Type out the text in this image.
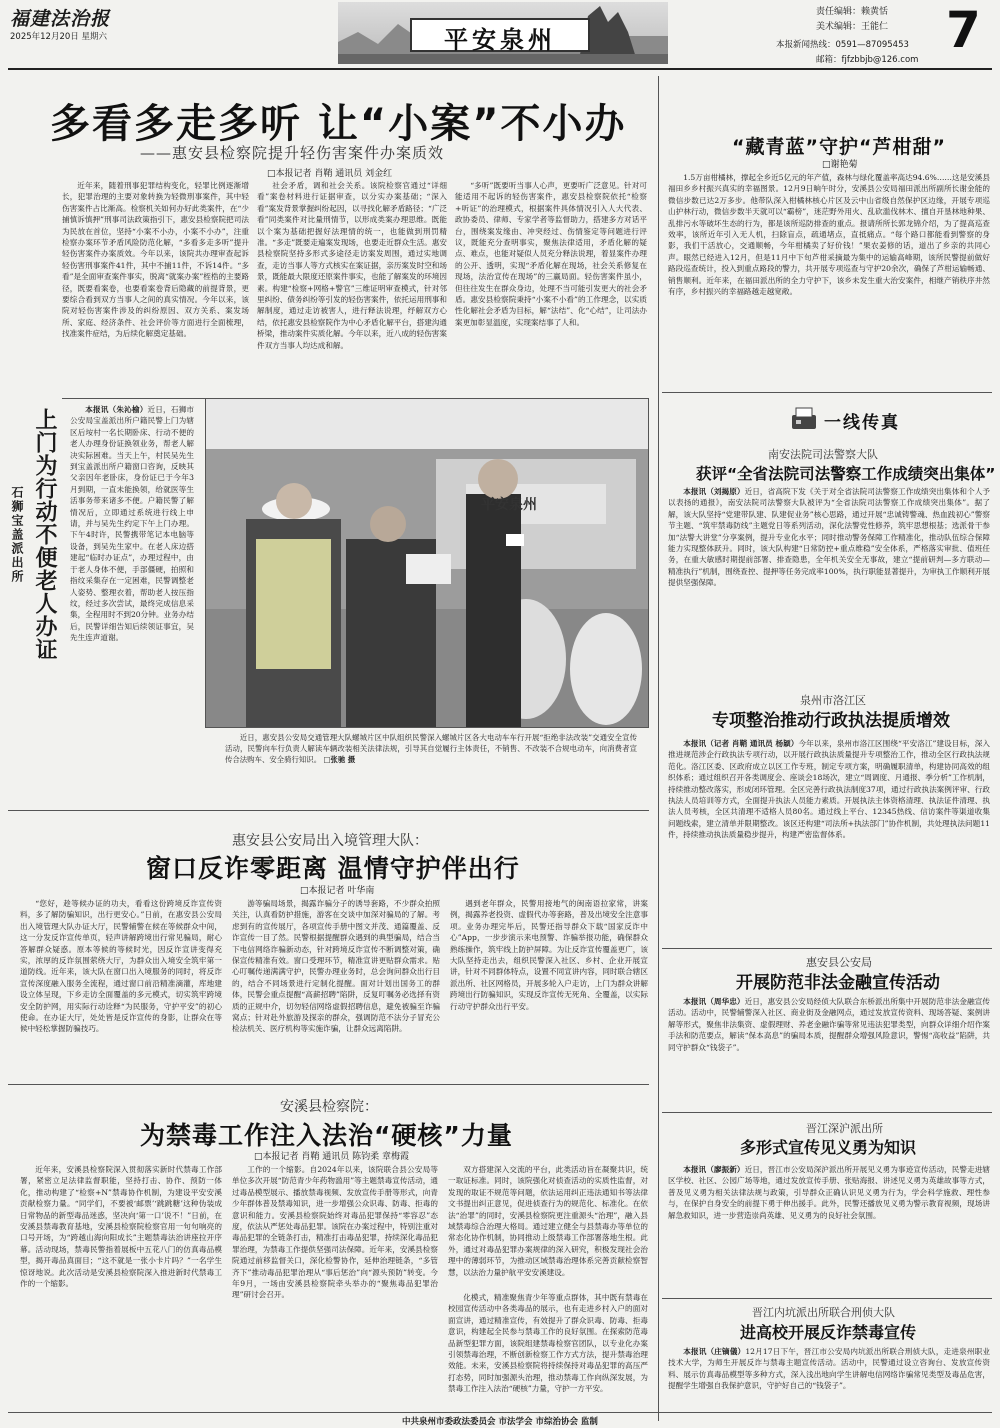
福建法治报
2025年12月20日 星期六	平安泉州
责任编辑：赖黄恬
美术编辑：王能仁
本报新闻热线：0591—87095453
邮箱：fjfzbbjb@126.com
7
多看多走多听 让“小案”不小办
——惠安县检察院提升轻伤害案件办案质效
□本报记者 肖鞘 通讯员 刘金红

近年来，随着刑事犯罪结构变化，轻罪比例逐渐增长，犯罪治理的主要对象转换为轻微刑事案件，其中轻伤害案件占比渐高。检察机关如何办好此类案件，在“少捕慎诉慎押”刑事司法政策指引下，惠安县检察院把司法为民放在首位，坚持“小案不小办，小案不小办”，注重检察办案环节矛盾风险防范化解，“多看多走多听”提升轻伤害案件办案质效。今年以来，该院共办理审查起诉轻伤害刑事案件41件，其中不捕11件，不诉14件。“多看”是全面审查案件事实，脱离“就案办案”桎梏的主要路径，既要看案卷，也要看案卷背后隐藏的前提背景，更要综合看到双方当事人之间的真实情况。今年以来，该院对轻伤害案件涉及的纠纷原因、双方关系、案发场所、家庭、经济条件、社会评价等方面进行全面梳理，找准案件症结，为后续化解奠定基础。

社会矛盾，调和社会关系。该院检察官通过“详细看”案卷材料进行证据审查，以分实办案基础；“深入看”案发背景掌握纠纷起因，以寻找化解矛盾路径；“广泛看”同类案件对比量刑情节，以形成类案办理思维。既能以个案为基础把握好法理情的统一，也能做到刑罚精准。“多走”既要走遍案发现场，也要走近群众生活。惠安县检察院坚持多形式多途径走访案发周围，通过实地调查，走访当事人等方式核实在案证据，亲历案发时空和场景，既能最大限度还原案件事实，也能了解案发的环境因素。构建“检察+网格+警官”三维证明审查模式，针对邻里纠纷、债务纠纷等引发的轻伤害案件，依托运用刑事和解制度，通过走访被害人，进行释法说理，纾解双方心结，依托惠安县检察院作为中心矛盾化解平台，搭建沟通桥梁，推动案件实质化解。今年以来，近八成的轻伤害案件双方当事人均达成和解。

“多听”既要听当事人心声，更要听广泛意见。针对可能适用不起诉的轻伤害案件，惠安县检察院依托“检察+听证”的治理模式，根据案件具体情况引入人大代表、政协委员、律师、专家学者等监督助力，搭建多方对话平台，围绕案发缘由、冲突经过、伤情鉴定等问题进行评议，既能充分查明事实，聚焦法律适用，矛盾化解的疑点、难点，也能对疑似人员充分释法说理，着显案件办理的公开、透明，实现“矛盾化解在现场，社会关系修复在现场，法治宣传在现场”的三赢局面。轻伤害案件虽小，但往往发生在群众身边，处理不当可能引发更大的社会矛盾。惠安县检察院秉持“小案不小看”的工作理念，以实质性化解社会矛盾为目标，解“法结”、化“心结”，让司法办案更加彰显温度，实现案结事了人和。

上门为行动不便老人办证
石狮宝盖派出所

本报讯（朱沁榆）近日，石狮市公安局宝盖派出所户籍民警上门为辖区后垵村一名长期卧床、行动不便的老人办理身份证换领业务，帮老人解决实际困难。当天上午，村民吴先生到宝盖派出所户籍窗口咨询，反映其父亲因年老卧床，身份证已于今年3月到期，一直未能换领，给就医等生活事务带来诸多不便。户籍民警了解情况后，立即通过系统进行线上申请，并与吴先生约定下午上门办理。下午4时许，民警携带笔记本电脑等设备，到吴先生家中。在老人床边搭建起“临时办证点”，办理过程中，由于老人身体不便，手部僵硬，拍照和指纹采集存在一定困难，民警调整老人姿势、整理衣着，帮助老人按压指纹，经过多次尝试，最终完成信息采集，全程用时不到20分钟。业务办结后，民警详细告知后续领证事宜，吴先生连声道谢。

平安泉州

近日，惠安县公安局交通管理大队螺城片区中队组织民警深入螺城片区各大电动车车行开展“拒绝非法改装”交通安全宣传活动，民警向车行负责人解读车辆改装相关法律法规，引导其自觉履行主体责任，不销售、不改装不合规电动车，向消费者宣传合法购车、安全骑行知识。 □张驰 摄

“藏青蓝”守护“芦柑甜”
□谢艳菊

1.5万亩柑橘林，撑起全乡近5亿元的年产值，森林与绿化覆盖率高达94.6%……这是安溪县福田乡乡村振兴真实的幸福图景。12月9日晌午时分，安溪县公安局福田派出所副所长谢金能的微信步数已达2万多步。他带队深入柑橘林核心片区及云中山省级自然保护区边缘，开展专项巡山护林行动，微信步数半天就可以“霸榜”，迷茫野外用火、乱砍滥伐林木、擅自开垦林地种果、乱排污水等破坏生态的行为，都是该所巡防排查的重点。报请所所长郭龙锦介绍，为了提高巡查效率，该所近年引入无人机，扫除盲点，疏通堵点，直抵痛点。“每个路口都能看到警察的身影，我们干活放心，交通顺畅，今年柑橘卖了好价钱！”果农姜修的话，道出了乡亲的共同心声。眼然已经进入12月，但是11月中下旬芦柑采摘最为集中的运输高峰期，该所民警提前做好路段巡查统计，投入到重点路段的警力，共开展专项巡查与守护20余次，确保了芦柑运输畅通、销售顺利。近年来，在福田派出所的全力守护下，该乡未发生重大治安案件，相继产销秩序井然有序，乡村振兴的幸福路越走越宽敞。

一线传真
南安法院司法警察大队
获评“全省法院司法警察工作成绩突出集体”

本报讯（刘揭原）近日，省高院下发《关于对全省法院司法警察工作成绩突出集体和个人予以表扬的通报》，南安法院司法警察大队被评为“全省法院司法警察工作成绩突出集体”。据了解，该大队坚持“党建带队建、队建促业务”核心思路，通过开展“忠诚铸警魂、热血践初心”警察节主题、“筑牢禁毒防线”主题党日等系列活动，深化法警党性修养，筑牢思想根基；选派骨干参加“法警大讲堂”分享案例，提升专业化水平；同时推动警务保障工作精准化，推动队伍综合保障能力实现整体跃升。同时，该大队构建“日常防控+重点维稳”安全体系，严格落实审批、值班任务，在重大敏感时期提前部署、排查隐患，全年机关安全无事故，建立“提前研判—多方联动—精准执行”机制，围绕查控、提押等任务完成率100%，执行职能显著提升，为审执工作顺利开展提供坚强保障。

泉州市洛江区
专项整治推动行政执法提质增效

本报讯（记者 肖鞘 通讯员 杨颖）今年以来，泉州市洛江区围绕“平安洛江”建设目标，深入推进规范涉企行政执法专项行动，以开展行政执法质量提升专项整治工作，推动全区行政执法规范化。洛江区委、区政府成立以区工作专班，制定专项方案，明确履职清单，构建协同高效的组织体系；通过组织召开各类调度会、座谈会18场次，建立“周调度、月通报、季分析”工作机制，持续推动整改落实，形成闭环管理。全区完善行政执法制度37项，通过行政执法案例评审、行政执法人员培训等方式，全面提升执法人员能力素质。开展执法主体资格清理、执法证件清理、执法人员考核，全区共清理不适格人员80名。通过线上平台、12345热线、信访案件等渠道收集问题线索，建立清单并限期整改。该区还构建“司法所+执法部门”协作机制，共处理执法问题11件，持续推动执法质量稳步提升，构建严密监督体系。

惠安县公安局
开展防范非法金融宣传活动

本报讯（周华忠）近日，惠安县公安局经侦大队联合东桥派出所集中开展防范非法金融宣传活动。活动中，民警辅警深入社区、商业街及金融网点，通过发放宣传资料、现场答疑、案例讲解等形式，聚焦非法集资、虚假理财、养老金融诈骗等常见违法犯罪类型，向群众详细介绍作案手法和防范要点，解读“保本高息”的骗局本质，提醒群众增强风险意识，警惕“高收益”陷阱，共同守护群众“钱袋子”。

晋江深沪派出所
多形式宣传见义勇为知识

本报讯（廖振新）近日，晋江市公安局深沪派出所开展见义勇为事迹宣传活动，民警走进辖区学校、社区、公园广场等地，通过发放宣传手册、张贴海报、讲述见义勇为英雄故事等方式，普及见义勇为相关法律法规与政策，引导群众正确认识见义勇为行为，学会科学施救、理性参与，在保护自身安全的前提下勇于伸出援手。此外，民警还播放见义勇为警示教育视频，现场讲解急救知识，进一步营造崇尚英雄、见义勇为的良好社会氛围。

晋江内坑派出所联合刑侦大队
进高校开展反诈禁毒宣传

本报讯（庄镝儀）12月17日下午，晋江市公安局内坑派出所联合刑侦大队，走进泉州职业技术大学，为师生开展反诈与禁毒主题宣传活动。活动中，民警通过设立咨询台、发放宣传资料、展示仿真毒品模型等多种方式，深入浅出地向学生讲解电信网络诈骗常见类型及毒品危害，提醒学生增强自我保护意识，守护好自己的“钱袋子”。

惠安县公安局出入境管理大队：
窗口反诈零距离 温情守护伴出行
□本报记者 叶华南

“您好，趁等候办证的功夫，看看这份跨境反诈宣传资料，多了解防骗知识，出行更安心。”日前，在惠安县公安局出入境管理大队办证大厅，民警辅警在候在等候群众中间，这一分发反诈宣传单页，轻声讲解跨境出行常见骗局，耐心答解群众疑惑。原本等候的等候时光，因反诈宣讲变得充实，浓厚的反诈氛围萦绕大厅，为群众出入境安全筑牢第一道防线。近年来，该大队在窗口出入境服务的同时，将反诈宣传深度融入服务全流程，通过窗口前沿精准滴灌，库地建设立体呈现，下乡走访全面覆盖的多元模式，切实筑牢跨境安全防护网，用实际行动诠释“为民服务，守护平安”的初心使命。在办证大厅，处处皆是反诈宣传的身影，让群众在等候中轻松掌握防骗技巧。

游等骗局场景，揭露诈骗分子的诱导套路，不少群众拍照关注，认真看防护措施，游客在交谈中加深对骗局的了解。考虑到有的宣传展厅，各项宣传手册中图文并茂、通篇覆盖、反诈宣传一目了然。民警根据提醒群众遇到的典型骗局，结合当下电信网络诈骗新动态，针对跨境反诈宣传不断调整对策，确保宣传精准有效。窗口受理环节，精准宣讲更贴群众需求。贴心叮嘱传递满满守护，民警办理业务时，总会询问群众出行目的，结合不同场景进行定制化提醒。面对计划出国务工的群体，民警会重点提醒“高薪招聘”陷阱，反复叮嘱务必选择有资质的正规中介，切勿轻信网络虚假招聘信息，避免被骗至诈骗窝点；针对赴外旅游及探亲的群众，强调防范不法分子冒充公检法机关、医疗机构等实施诈骗，让群众远离陷阱。

遇到老年群众，民警用接地气的闽南语拉家常，讲案例，揭露养老投资、虚假代办等套路，普及出境安全注意事项。业务办理完毕后，民警还指导群众下载“国家反诈中心”App，一步步演示来电预警、诈骗举报功能，确保群众熟练操作，筑牢线上防护屏障。为让反诈宣传覆盖更广，该大队坚持走出去，组织民警深入社区、乡村、企业开展宣讲，针对不同群体特点，设置不同宣讲内容，同时联合辖区派出所、社区网格员，开展多轮入户走访，上门为群众讲解跨境出行防骗知识，实现反诈宣传无死角、全覆盖，以实际行动守护群众出行平安。

安溪县检察院：
为禁毒工作注入法治“硬核”力量
□本报记者 肖鞘 通讯员 陈钧柔 章梅霞

近年来，安溪县检察院深入贯彻落实新时代禁毒工作部署，紧密立足法律监督职能，坚持打击、协作、预防一体化，推动构建了“检察+N”禁毒协作机制，为建设平安安溪贡献检察力量。“同学们，不要被‘邮票’‘跳跳糖’这种伪装成日常物品的新型毒品迷惑，坚决向‘第一口’说不！”日前，在安溪县禁毒教育基地，安溪县检察院检察官用一句句响亮的口号开场，为“跨越山海向阳成长”主题禁毒法治讲座拉开序幕。活动现场，禁毒民警指着展板中五花八门的仿真毒品模型，揭开毒品真面目；“这不就是一张小卡片吗？”一名学生惊讶地说。此次活动是安溪县检察院深入推进新时代禁毒工作的一个缩影。

工作的一个缩影。自2024年以来，该院联合县公安局等单位多次开展“防范青少年药物滥用”等主题禁毒宣传活动，通过毒品模型展示、播放禁毒视频、发放宣传手册等形式，向青少年群体普及禁毒知识，进一步增强公众识毒、防毒、拒毒的意识和能力。安溪县检察院始终对毒品犯罪保持“零容忍”态度，依法从严惩处毒品犯罪。该院在办案过程中，特别注重对毒品犯罪的全链条打击，精准打击毒品犯罪，持续深化毒品犯罪治理，为禁毒工作提供坚强司法保障。近年来，安溪县检察院通过前移监督关口，深化检警协作，延伸治理链条，“多管齐下”推动毒品犯罪治理从“事后惩治”向“源头预防”转变。今年9月，一场由安溪县检察院牵头举办的“聚焦毒品犯罪治理”研讨会召开。

双方搭建深入交流的平台，此类活动旨在凝聚共识，统一取证标准。同时，该院强化对侦查活动的实质性监督，对发现的取证不规范等问题，依法运用纠正违法通知书等法律文书提出纠正意见，促进侦查行为的规范化、标准化。在依法“治罪”的同时，安溪县检察院更注重源头“治理”，融入县域禁毒综合治理大格局。通过建立健全与县禁毒办等单位的常态化协作机制，协同推动上级禁毒工作部署落地生根。此外，通过对毒品犯罪办案规律的深入研究，积极发现社会治理中的薄弱环节，为推动区域禁毒治理体系完善贡献检察智慧，以法治力量护航平安安溪建设。

化模式，精准聚焦青少年等重点群体，其中既有禁毒在校园宣传活动中各类毒品的展示，也有走进乡村入户的面对面宣讲，通过精准宣传，有效提升了群众识毒、防毒、拒毒意识，构建起全民参与禁毒工作的良好氛围。在探索防范毒品新型犯罪方面，该院组建禁毒检察官团队，以专业化办案引领禁毒治理，不断创新检察工作方式方法，提升禁毒治理效能。未来，安溪县检察院将持续保持对毒品犯罪的高压严打态势，同时加强源头治理，推动禁毒工作向纵深发展，为禁毒工作注入法治“硬核”力量，守护一方平安。

中共泉州市委政法委员会 市法学会 市综治协会 监制
